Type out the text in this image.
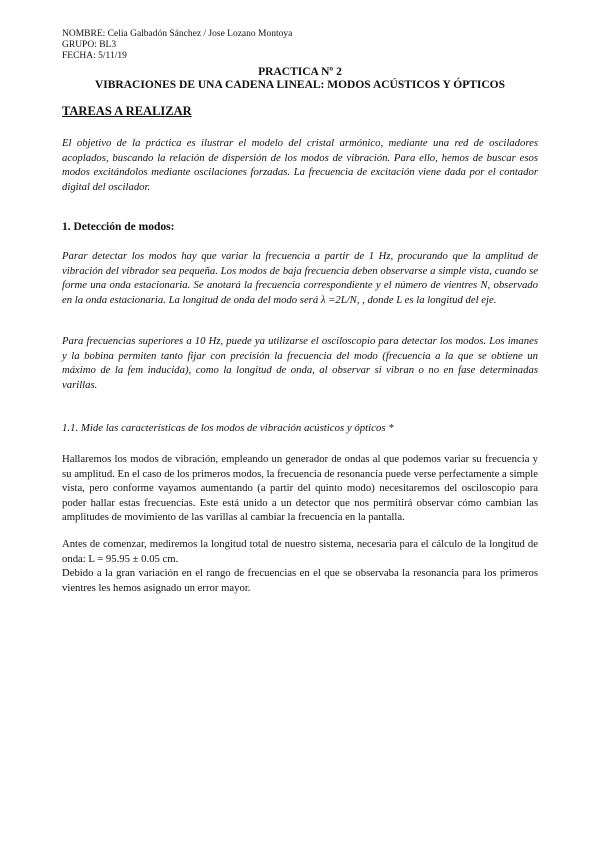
NOMBRE: Celia Galbadón Sánchez / Jose Lozano Montoya
GRUPO: BL3
FECHA: 5/11/19
PRACTICA Nº 2
VIBRACIONES DE UNA CADENA LINEAL: MODOS ACÚSTICOS Y ÓPTICOS
TAREAS A REALIZAR
El objetivo de la práctica es ilustrar el modelo del cristal armónico, mediante una red de osciladores acoplados, buscando la relación de dispersión de los modos de vibración. Para ello, hemos de buscar esos modos excitándolos mediante oscilaciones forzadas. La frecuencia de excitación viene dada por el contador digital del oscilador.
1. Detección de modos:
Parar detectar los modos hay que variar la frecuencia a partir de 1 Hz, procurando que la amplitud de vibración del vibrador sea pequeña. Los modos de baja frecuencia deben observarse a simple vista, cuando se forme una onda estacionaria. Se anotará la frecuencia correspondiente y el número de vientres N, observado en la onda estacionaria. La longitud de onda del modo será λ =2L/N, , donde L es la longitud del eje.
Para frecuencias superiores a 10 Hz, puede ya utilizarse el osciloscopio para detectar los modos. Los imanes y la bobina permiten tanto fijar con precisión la frecuencia del modo (frecuencia a la que se obtiene un máximo de la fem inducida), como la longitud de onda, al observar si vibran o no en fase determinadas varillas.
1.1. Mide las características de los modos de vibración acústicos y ópticos *
Hallaremos los modos de vibración, empleando un generador de ondas al que podemos variar su frecuencia y su amplitud. En el caso de los primeros modos, la frecuencia de resonancia puede verse perfectamente a simple vista, pero conforme vayamos aumentando (a partir del quinto modo) necesitaremos del osciloscopio para poder hallar estas frecuencias. Este está unido a un detector que nos permitirá observar cómo cambian las amplitudes de movimiento de las varillas al cambiar la frecuencia en la pantalla.
Antes de comenzar, mediremos la longitud total de nuestro sistema, necesaria para el cálculo de la longitud de onda: L = 95.95 ± 0.05 cm.
Debido a la gran variación en el rango de frecuencias en el que se observaba la resonancia para los primeros vientres les hemos asignado un error mayor.
